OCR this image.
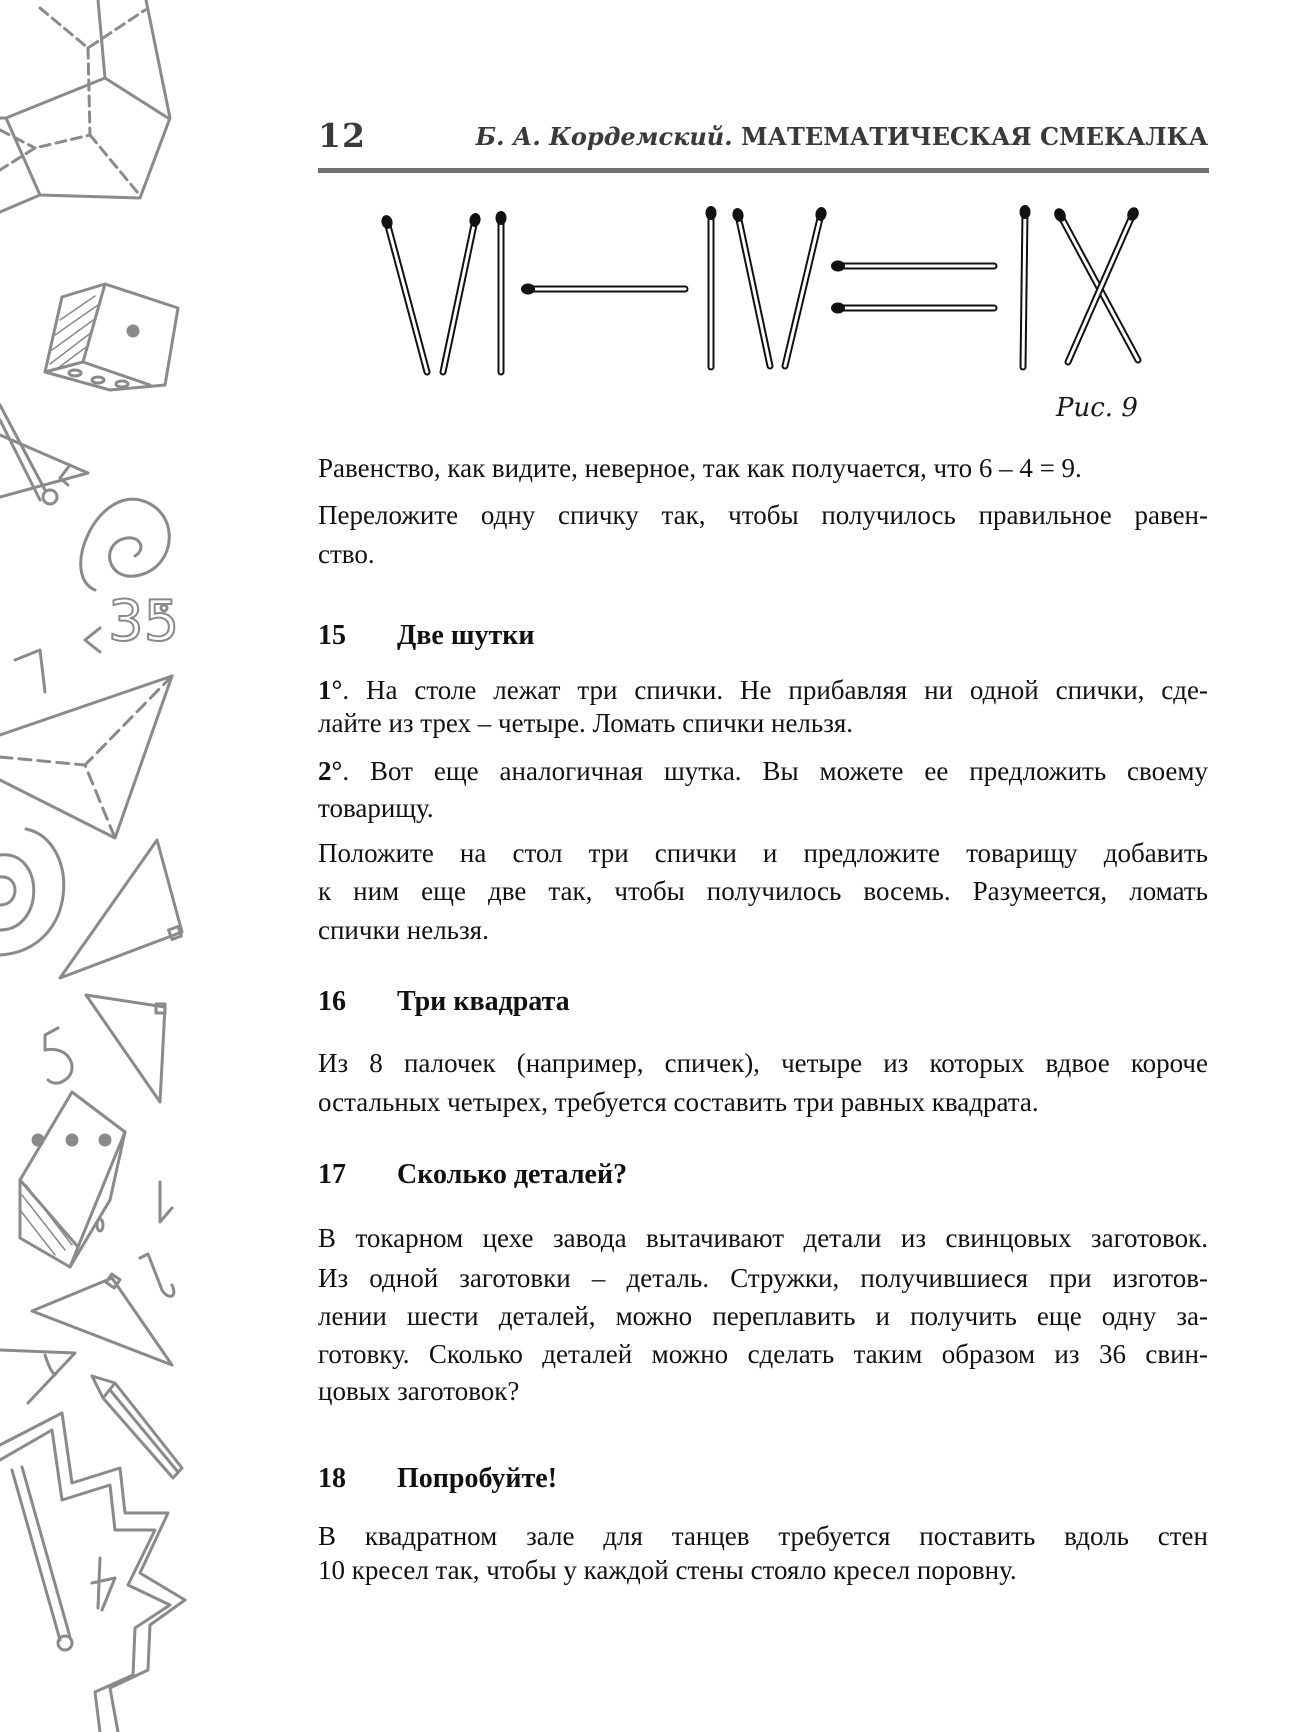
35
12	Б. А. Кордемский. МАТЕМАТИЧЕСКАЯ СМЕКАЛКА
Рис. 9
Равенство, как видите, неверное, так как получается, что 6 – 4 = 9.
Переложите одну спичку так, чтобы получилось правильное равен-
ство.
15 Две шутки
1°. На столе лежат три спички. Не прибавляя ни одной спички, сде-
лайте из трех – четыре. Ломать спички нельзя.
2°. Вот еще аналогичная шутка. Вы можете ее предложить своему
товарищу.
Положите на стол три спички и предложите товарищу добавить
к ним еще две так, чтобы получилось восемь. Разумеется, ломать
спички нельзя.
16 Три квадрата
Из 8 палочек (например, спичек), четыре из которых вдвое короче
остальных четырех, требуется составить три равных квадрата.
17 Сколько деталей?
В токарном цехе завода вытачивают детали из свинцовых заготовок.
Из одной заготовки – деталь. Стружки, получившиеся при изготов-
лении шести деталей, можно переплавить и получить еще одну за-
готовку. Сколько деталей можно сделать таким образом из 36 свин-
цовых заготовок?
18 Попробуйте!
В квадратном зале для танцев требуется поставить вдоль стен
10 кресел так, чтобы у каждой стены стояло кресел поровну.
